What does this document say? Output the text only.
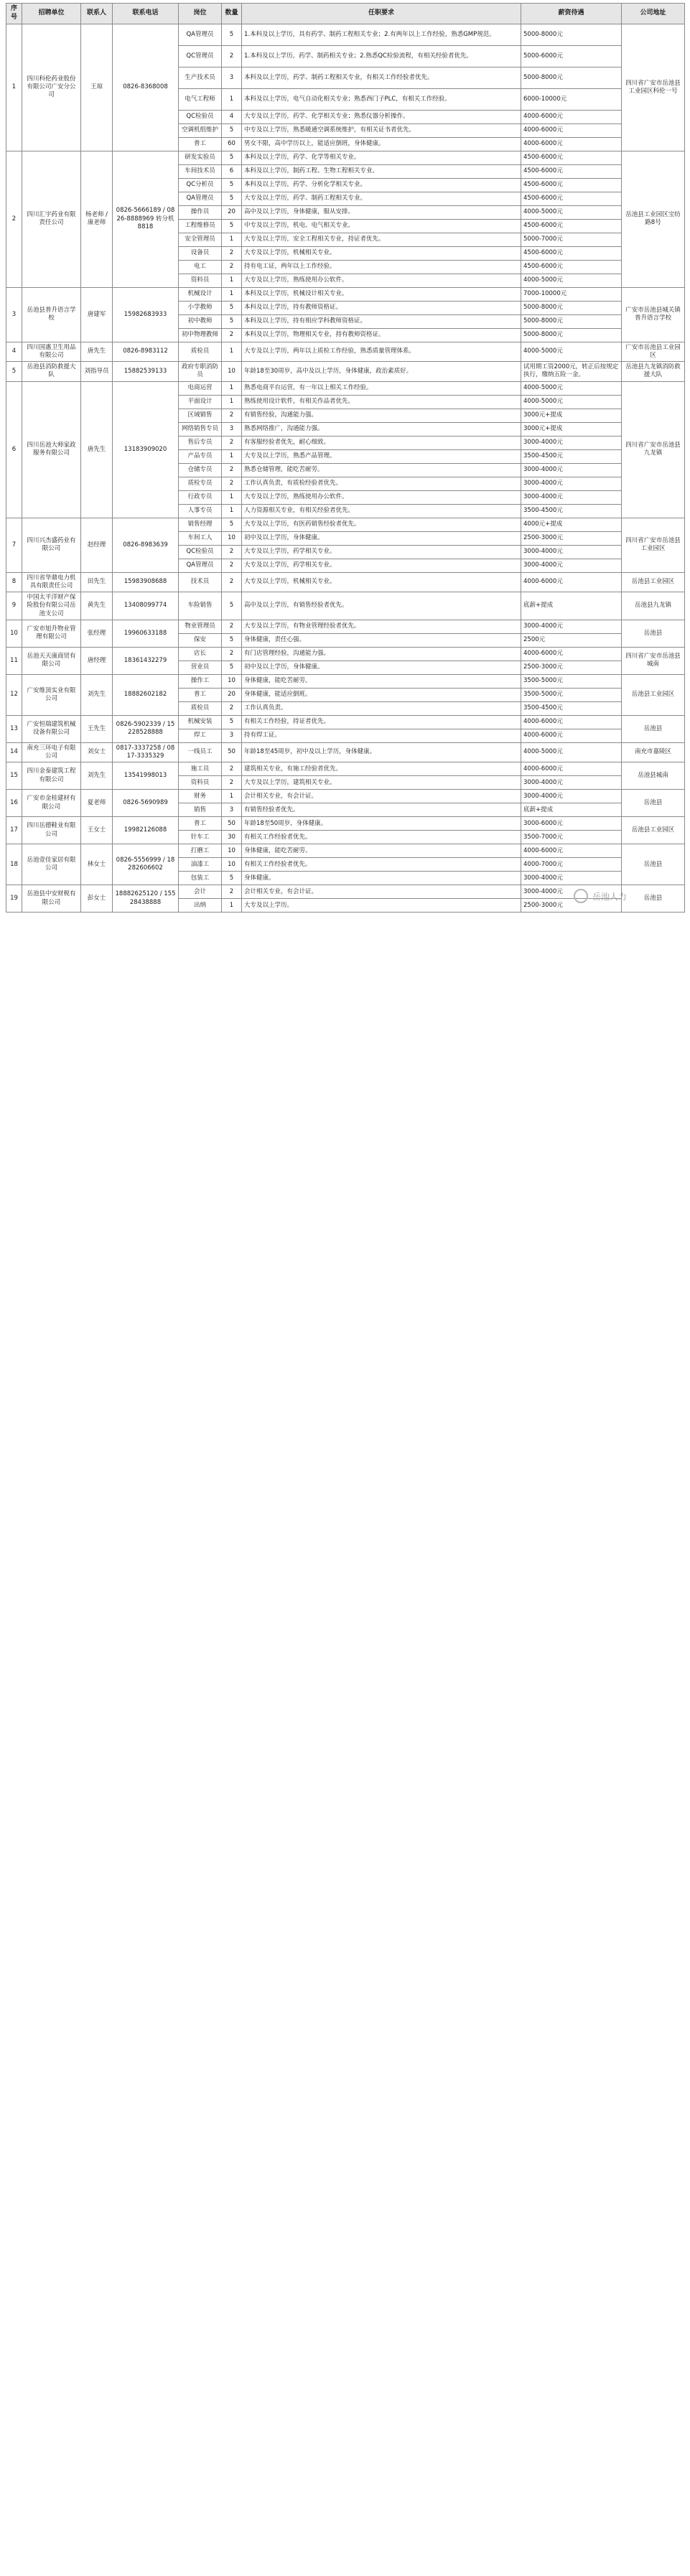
序号	招聘单位	联系人	联系电话	岗位	数量	任职要求	薪资待遇	公司地址
1	四川科伦药业股份有限公司广安分公司	王琼	0826-8368008	QA管理员	5	1.本科及以上学历，具有药学、制药工程相关专业；2.有两年以上工作经验，熟悉GMP规范。	5000-8000元	四川省广安市岳池县工业园区科伦一号
				QC管理员	2	1.本科及以上学历，药学、制药相关专业；2.熟悉QC检验流程，有相关经验者优先。	5000-6000元	
				生产技术员	3	本科及以上学历，药学、制药工程相关专业，有相关工作经验者优先。	5000-8000元	
				电气工程师	1	本科及以上学历，电气自动化相关专业；熟悉西门子PLC，有相关工作经验。	6000-10000元	
				QC检验员	4	大专及以上学历，药学、化学相关专业；熟悉仪器分析操作。	4000-6000元	
				空调机组维护	5	中专及以上学历，熟悉暖通空调系统维护，有相关证书者优先。	4000-6000元	
				普工	60	男女不限，高中学历以上，能适应倒班，身体健康。	4000-6000元	
2	四川汇宇药业有限责任公司	杨老师 / 康老师	0826-5666189 / 0826-8888969 转分机8818	研发实验员	5	本科及以上学历，药学、化学等相关专业。	4500-6000元	岳池县工业园区宝纺路8号
				车间技术员	6	本科及以上学历，制药工程、生物工程相关专业。	4500-6000元	
				QC分析员	5	本科及以上学历，药学、分析化学相关专业。	4500-6000元	
				QA管理员	5	大专及以上学历，药学、制药工程相关专业。	4500-6000元	
				操作员	20	高中及以上学历，身体健康，服从安排。	4000-5000元	
				工程维修员	5	中专及以上学历，机电、电气相关专业。	4500-6000元	
				安全管理员	1	大专及以上学历，安全工程相关专业，持证者优先。	5000-7000元	
				设备员	2	大专及以上学历，机械相关专业。	4500-6000元	
				电工	2	持有电工证，两年以上工作经验。	4500-6000元	
				资料员	1	大专及以上学历，熟练使用办公软件。	4000-5000元	
3	岳池县普升语言学校	唐建军	15982683933	机械设计	1	本科及以上学历，机械设计相关专业。	7000-10000元	广安市岳池县城关镇普升语言学校
				小学教师	5	本科及以上学历，持有教师资格证。	5000-8000元	
				初中教师	5	本科及以上学历，持有相应学科教师资格证。	5000-8000元	
				初中物理教师	2	本科及以上学历，物理相关专业，持有教师资格证。	5000-8000元	
4	四川国惠卫生用品有限公司	唐先生	0826-8983112	质检员	1	大专及以上学历，两年以上质检工作经验，熟悉质量管理体系。	4000-5000元	广安市岳池县工业园区
5	岳池县消防救援大队	刘指导员	15882539133	政府专职消防员	10	年龄18至30周岁，高中及以上学历，身体健康，政治素质好。	试用期工资2000元，转正后按规定执行，缴纳五险一金。	岳池县九龙镇消防救援大队
6	四川岳池大师家政服务有限公司	唐先生	13183909020	电商运营	1	熟悉电商平台运营，有一年以上相关工作经验。	4000-5000元	四川省广安市岳池县九龙镇
				平面设计	1	熟练使用设计软件，有相关作品者优先。	4000-5000元	
				区域销售	2	有销售经验，沟通能力强。	3000元+提成	
				网络销售专员	3	熟悉网络推广，沟通能力强。	3000元+提成	
				售后专员	2	有客服经验者优先，耐心细致。	3000-4000元	
				产品专员	1	大专及以上学历，熟悉产品管理。	3500-4500元	
				仓储专员	2	熟悉仓储管理，能吃苦耐劳。	3000-4000元	
				质检专员	2	工作认真负责，有质检经验者优先。	3000-4000元	
				行政专员	1	大专及以上学历，熟练使用办公软件。	3000-4000元	
				人事专员	1	人力资源相关专业，有相关经验者优先。	3500-4500元	
7	四川兴杰盛药业有限公司	赵经理	0826-8983639	销售经理	5	大专及以上学历，有医药销售经验者优先。	4000元+提成	四川省广安市岳池县工业园区
				车间工人	10	初中及以上学历，身体健康。	2500-3000元	
				QC检验员	2	大专及以上学历，药学相关专业。	3000-4000元	
				QA管理员	2	大专及以上学历，药学相关专业。	3000-4000元	
8	四川省华鼎电力机具有限责任公司	田先生	15983908688	技术员	2	大专及以上学历，机械相关专业。	4000-6000元	岳池县工业园区
9	中国太平洋财产保险股份有限公司岳池支公司	黄先生	13408099774	车险销售	5	高中及以上学历，有销售经验者优先。	底薪+提成	岳池县九龙镇
10	广安市旭升物业管理有限公司	张经理	19960633188	物业管理员	2	大专及以上学历，有物业管理经验者优先。	3000-4000元	岳池县
				保安	5	身体健康，责任心强。	2500元	
11	岳池天天康商贸有限公司	唐经理	18361432279	店长	2	有门店管理经验，沟通能力强。	4000-6000元	四川省广安市岳池县城南
				营业员	5	初中及以上学历，身体健康。	2500-3000元	
12	广安维顶实业有限公司	刘先生	18882602182	操作工	10	身体健康，能吃苦耐劳。	3500-5000元	岳池县工业园区
				普工	20	身体健康，能适应倒班。	3500-5000元	
				质检员	2	工作认真负责。	3500-4500元	
13	广安恒瑞建筑机械设备有限公司	王先生	0826-5902339 / 15228528888	机械安装	5	有相关工作经验，持证者优先。	4000-6000元	岳池县
				焊工	3	持有焊工证。	4000-6000元	
14	南充三环电子有限公司	刘女士	0817-3337258 / 0817-3335329	一线员工	50	年龄18至45周岁，初中及以上学历，身体健康。	4000-5000元	南充市嘉陵区
15	四川金泰建筑工程有限公司	刘先生	13541998013	施工员	2	建筑相关专业，有施工经验者优先。	4000-6000元	岳池县城南
				资料员	2	大专及以上学历，建筑相关专业。	3000-4000元	
16	广安市金桂建材有限公司	夏老师	0826-5690989	财务	1	会计相关专业，有会计证。	3000-4000元	岳池县
				销售	3	有销售经验者优先。	底薪+提成	
17	四川岳德鞋业有限公司	王女士	19982126088	普工	50	年龄18至50周岁，身体健康。	3000-6000元	岳池县工业园区
				针车工	30	有相关工作经验者优先。	3500-7000元	
18	岳池壹佳家居有限公司	林女士	0826-5556999 / 18282606602	打磨工	10	身体健康，能吃苦耐劳。	4000-6000元	岳池县
				油漆工	10	有相关工作经验者优先。	4000-7000元	
				包装工	5	身体健康。	3000-4000元	
19	岳池县中安财税有限公司	彭女士	18882625120 / 15528438888	会计	2	会计相关专业，有会计证。	3000-4000元	岳池县
				出纳	1	大专及以上学历。	2500-3000元	
岳池人力
